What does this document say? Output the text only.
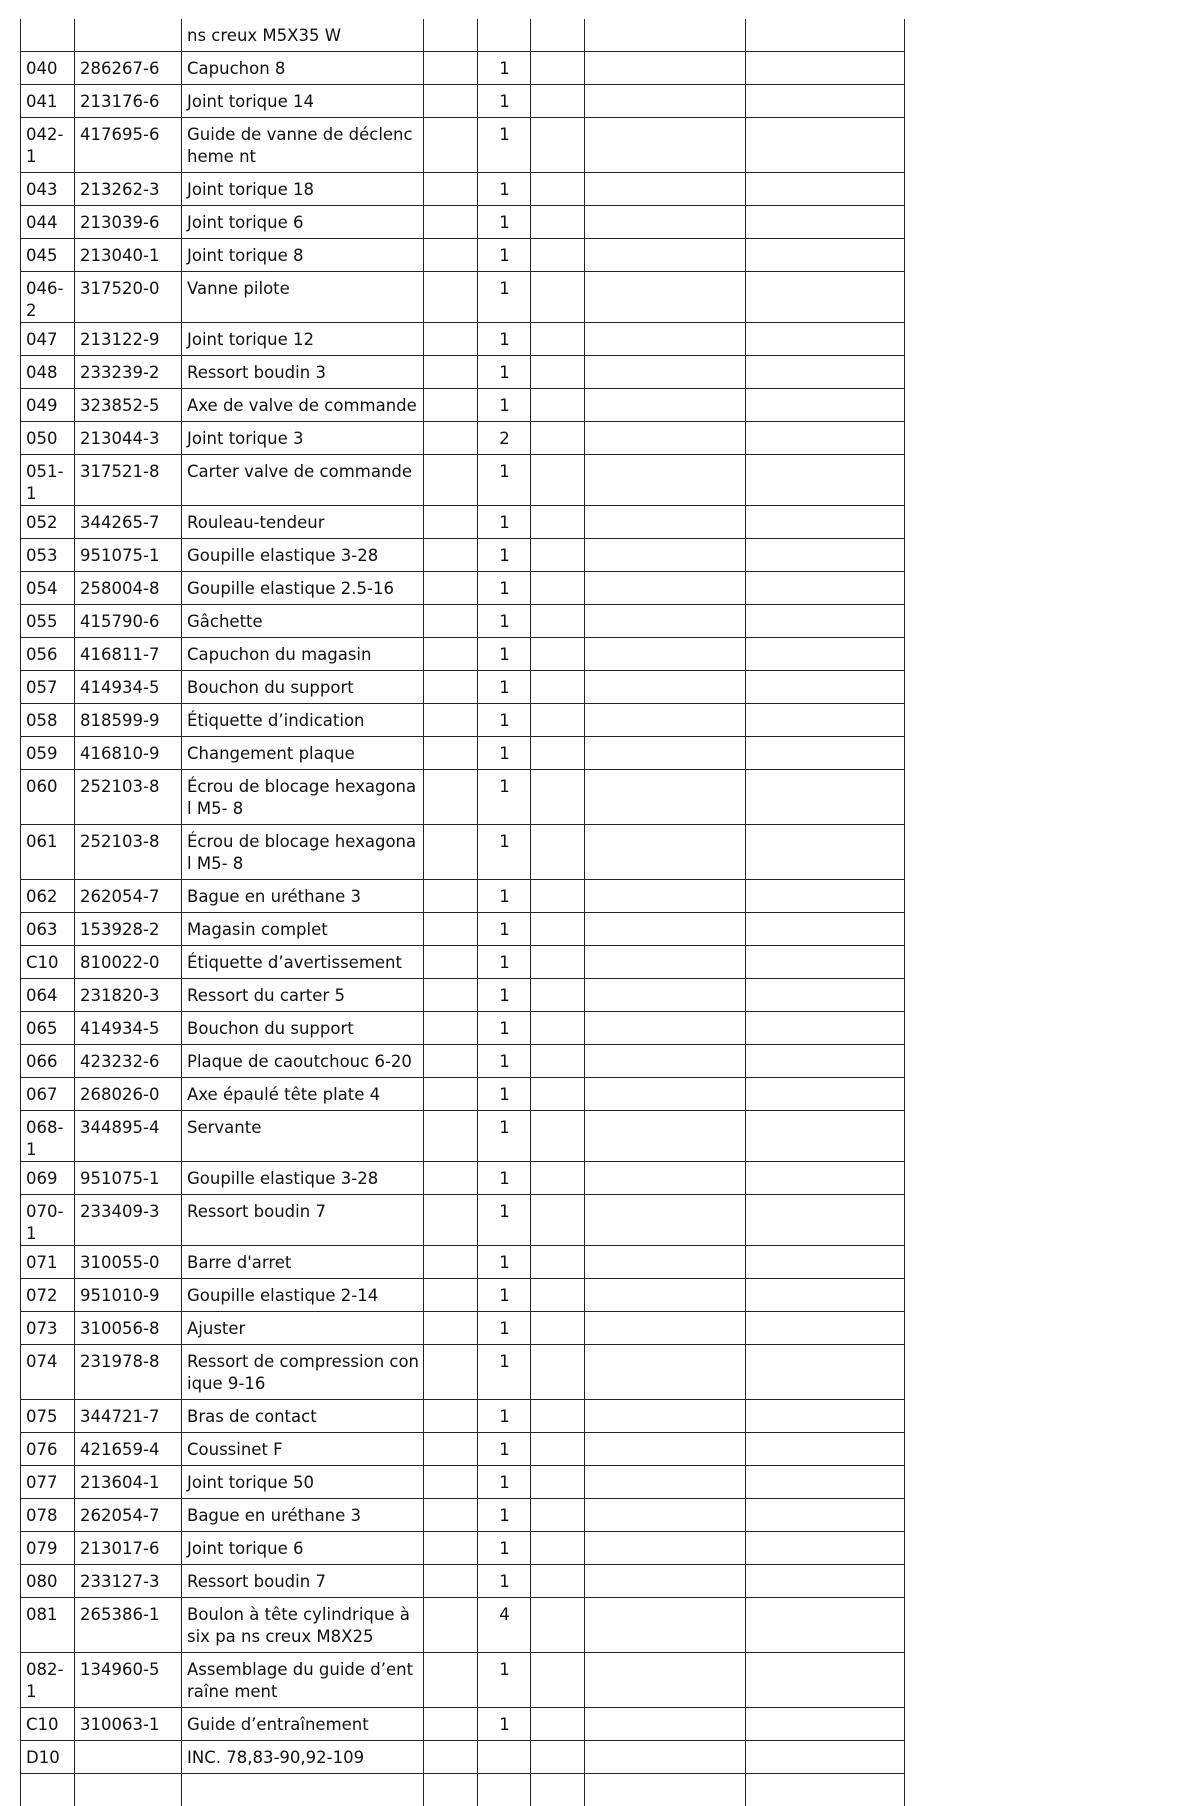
		ns creux M5X35 W					
040	286267-6	Capuchon 8		1			
041	213176-6	Joint torique 14		1			
042-1	417695-6	Guide de vanne de déclencheme nt		1			
043	213262-3	Joint torique 18		1			
044	213039-6	Joint torique 6		1			
045	213040-1	Joint torique 8		1			
046-2	317520-0	Vanne pilote		1			
047	213122-9	Joint torique 12		1			
048	233239-2	Ressort boudin 3		1			
049	323852-5	Axe de valve de commande		1			
050	213044-3	Joint torique 3		2			
051-1	317521-8	Carter valve de commande		1			
052	344265-7	Rouleau-tendeur		1			
053	951075-1	Goupille elastique 3-28		1			
054	258004-8	Goupille elastique 2.5-16		1			
055	415790-6	Gâchette		1			
056	416811-7	Capuchon du magasin		1			
057	414934-5	Bouchon du support		1			
058	818599-9	Étiquette d’indication		1			
059	416810-9	Changement plaque		1			
060	252103-8	Écrou de blocage hexagonal M5- 8		1			
061	252103-8	Écrou de blocage hexagonal M5- 8		1			
062	262054-7	Bague en uréthane 3		1			
063	153928-2	Magasin complet		1			
C10	810022-0	Étiquette d’avertissement		1			
064	231820-3	Ressort du carter 5		1			
065	414934-5	Bouchon du support		1			
066	423232-6	Plaque de caoutchouc 6-20		1			
067	268026-0	Axe épaulé tête plate 4		1			
068-1	344895-4	Servante		1			
069	951075-1	Goupille elastique 3-28		1			
070-1	233409-3	Ressort boudin 7		1			
071	310055-0	Barre d'arret		1			
072	951010-9	Goupille elastique 2-14		1			
073	310056-8	Ajuster		1			
074	231978-8	Ressort de compression conique 9-16		1			
075	344721-7	Bras de contact		1			
076	421659-4	Coussinet F		1			
077	213604-1	Joint torique 50		1			
078	262054-7	Bague en uréthane 3		1			
079	213017-6	Joint torique 6		1			
080	233127-3	Ressort boudin 7		1			
081	265386-1	Boulon à tête cylindrique à six pa ns creux M8X25		4			
082-1	134960-5	Assemblage du guide d’entraîne ment		1			
C10	310063-1	Guide d’entraînement		1			
D10		INC. 78,83-90,92-109					
